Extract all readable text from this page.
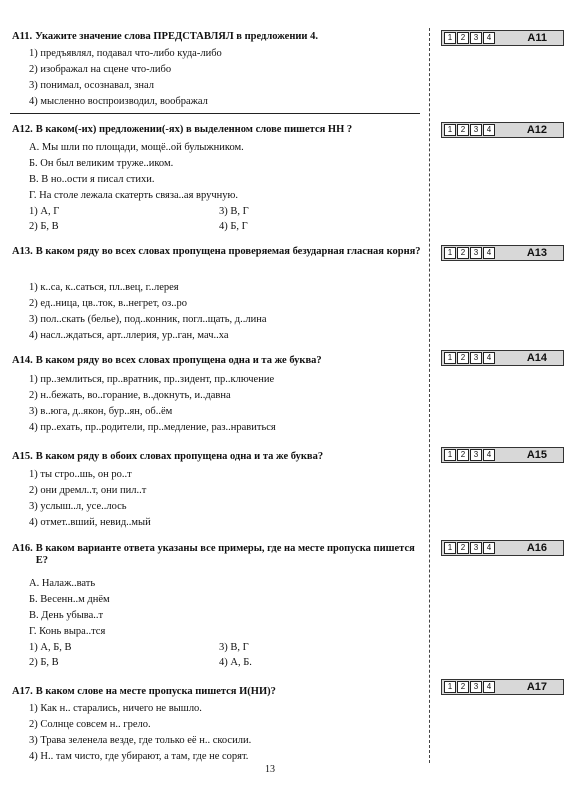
А11. Укажите значение слова ПРЕДСТАВЛЯЛ в предложении 4.
1) предъявлял, подавал что-либо куда-либо
2) изображал на сцене что-либо
3) понимал, осознавал, знал
4) мысленно воспроизводил, воображал
1	2	3	4	А11
А12. В каком(-их) предложении(-ях) в выделенном слове пишется НН ?
А. Мы шли по площади, мощё..ой булыжником.
Б. Он был великим труже..иком.
В. В но..ости я писал стихи.
Г. На столе лежала скатерть связа..ая вручную.
1) А, Г	3) В, Г
2) Б, В	4) Б, Г
1	2	3	4	А12
А13. В каком ряду во всех словах пропущена проверяемая безударная гласная корня?
1) к..са, к..саться, пл..вец, г..лерея
2) ед..ница, цв..ток, в..негрет, оз..ро
3) пол..скать (белье), под..конник, погл..щать, д..лина
4) насл..ждаться, арт..ллерия, ур..ган, мач..ха
1	2	3	4	А13
А14. В каком ряду во всех словах пропущена одна и та же буква?
1) пр..землиться, пр..вратник, пр..зидент, пр..ключение
2) н..бежать, во..горание, в..докнуть, и..давна
3) в..юга, д..якон, бур..ян, об..ём
4) пр..ехать, пр..родители, пр..медление, раз..нравиться
1	2	3	4	А14
А15. В каком ряду в обоих словах пропущена одна и та же буква?
1) ты стро..шь, он ро..т
2) они дремл..т, они пил..т
3) услыш..л, усе..лось
4) отмет..вший, невид..мый
1	2	3	4	А15
А16. В каком варианте ответа указаны все примеры, где на месте пропуска пишется Е?
А. Налаж..вать
Б. Весенн..м днём
В. День убыва..т
Г. Конь выра..тся
1) А, Б, В	3) В, Г
2) Б, В	4) А, Б.
1	2	3	4	А16
А17. В каком слове на месте пропуска пишется И(НИ)?
1) Как н.. старались, ничего не вышло.
2) Солнце совсем н.. грело.
3) Трава зеленела везде, где только её н.. скосили.
4) Н.. там чисто, где убирают, а там, где не сорят.
1	2	3	4	А17
13
